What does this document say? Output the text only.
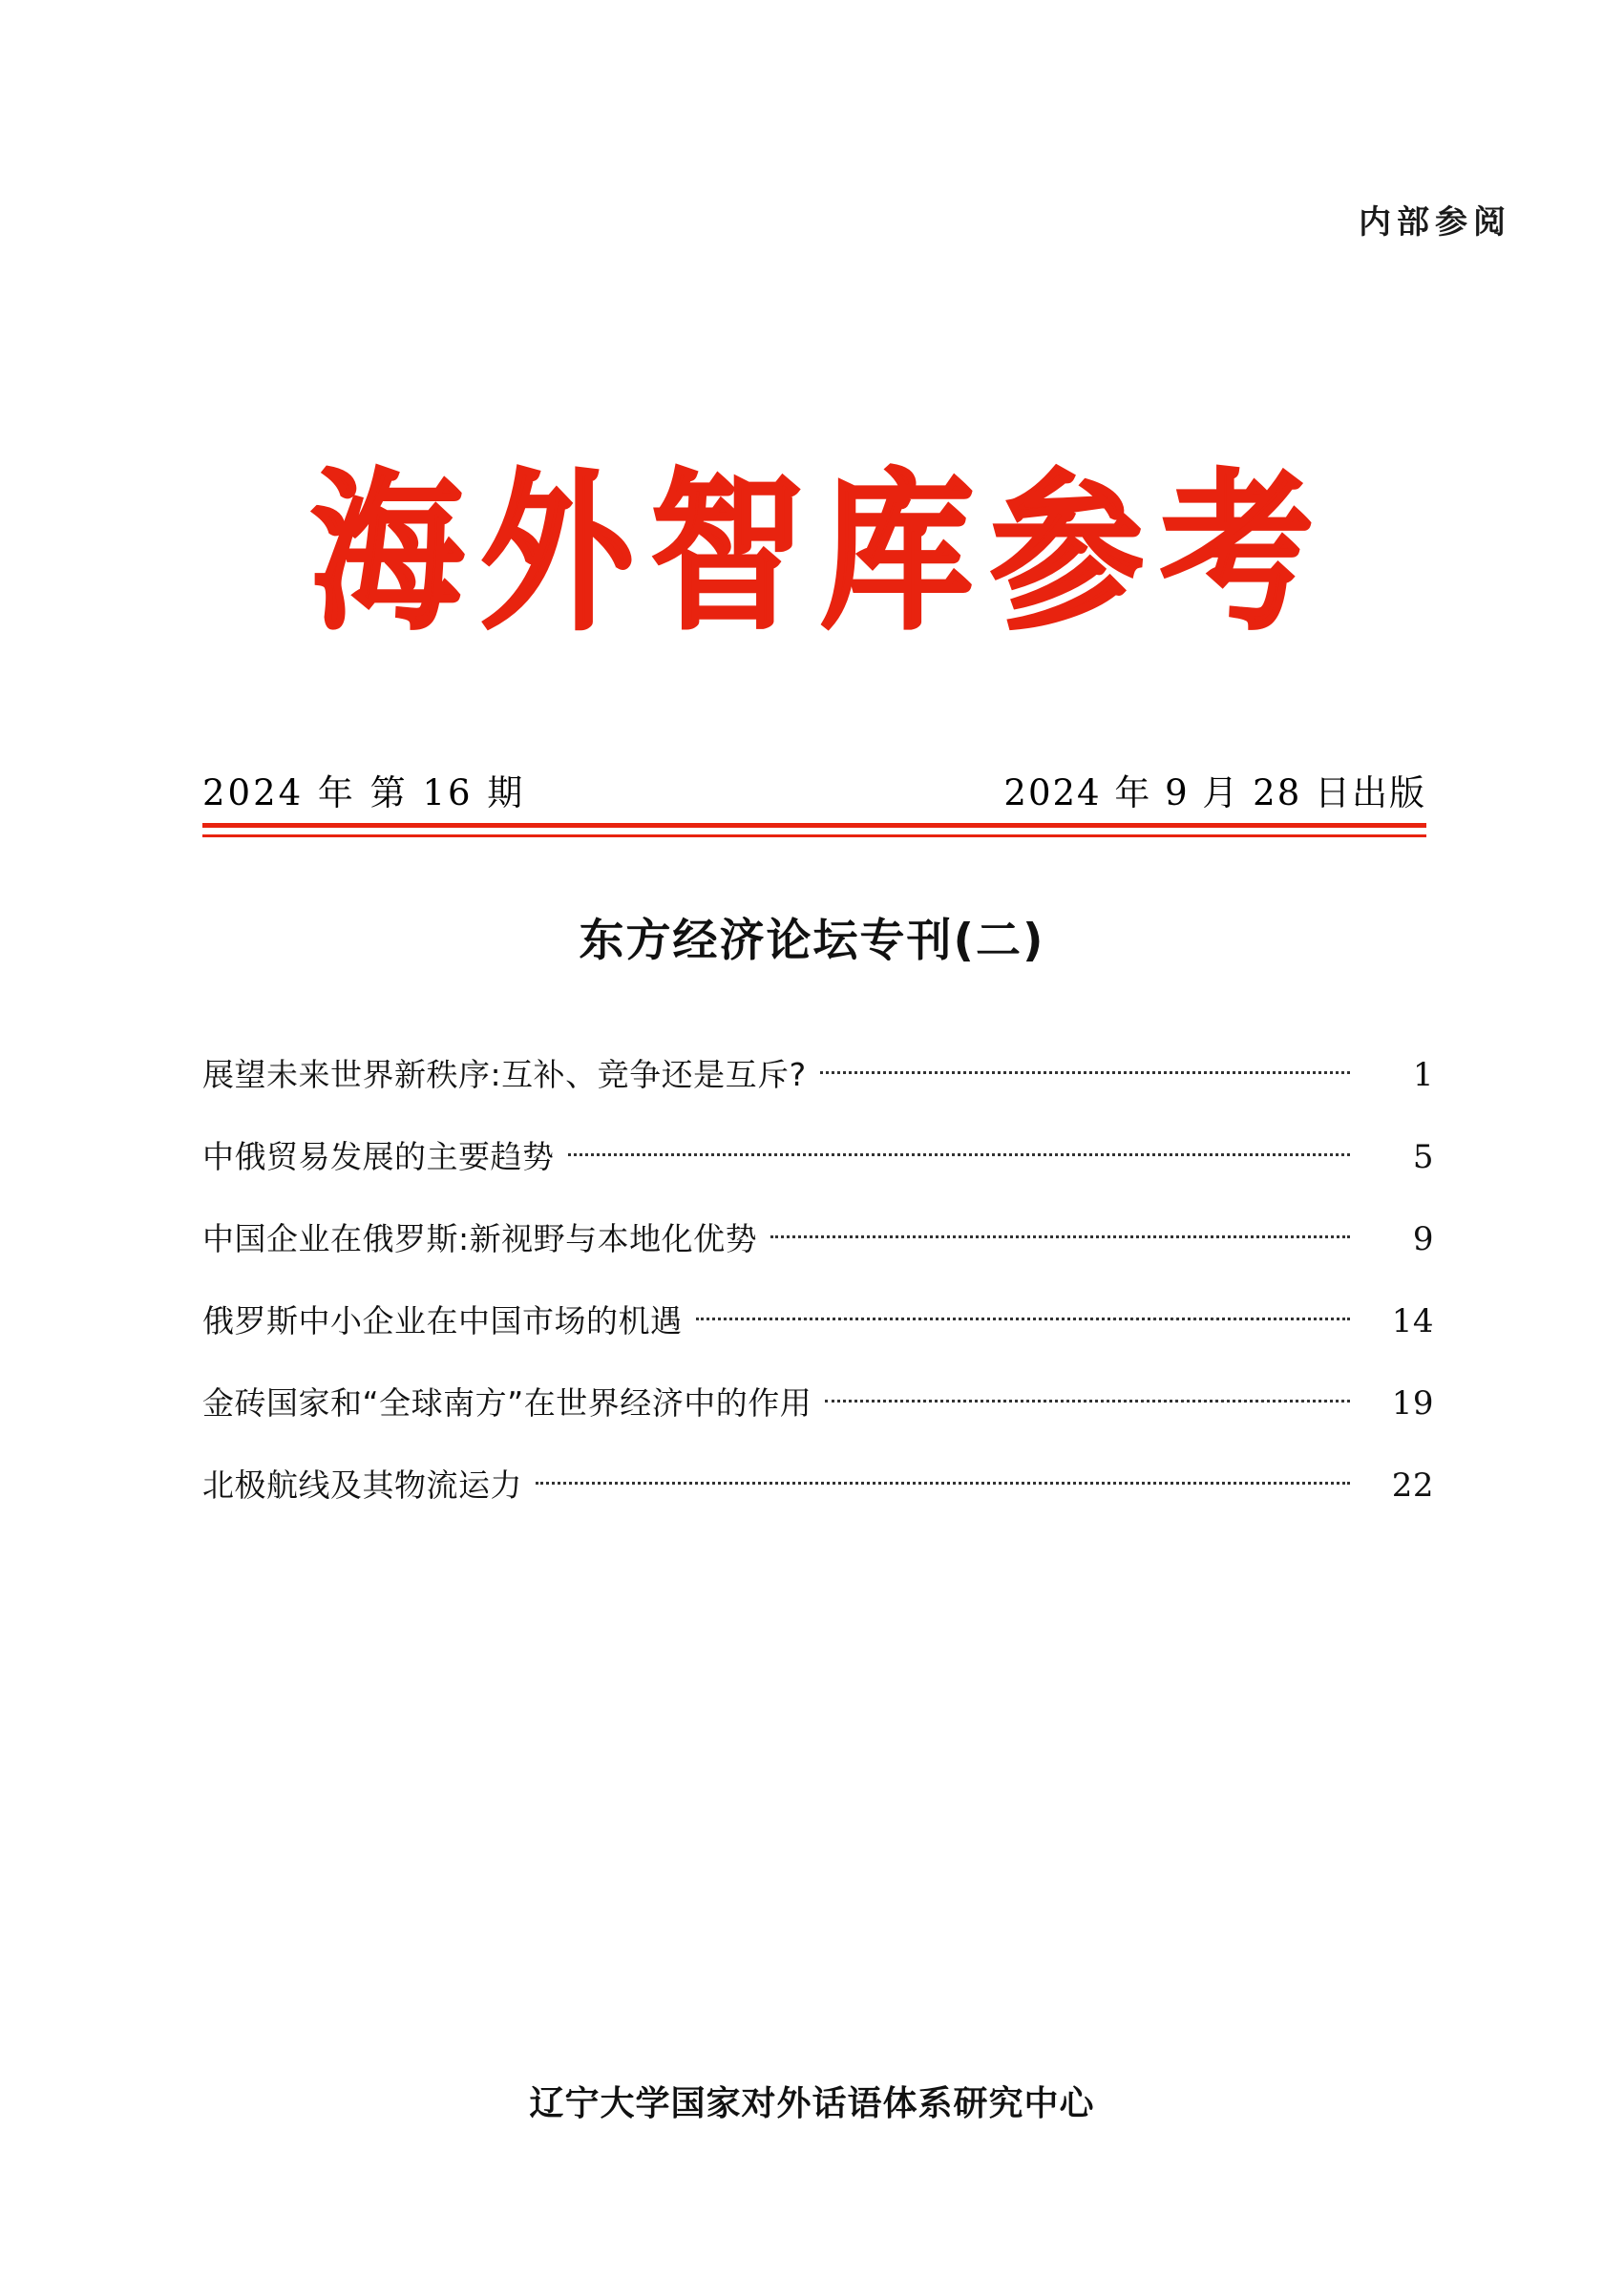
内部参阅
海外智库参考
2024 年 第 16 期	2024 年 9 月 28 日出版
东方经济论坛专刊(二)
展望未来世界新秩序:互补、竞争还是互斥?	1
中俄贸易发展的主要趋势	5
中国企业在俄罗斯:新视野与本地化优势	9
俄罗斯中小企业在中国市场的机遇	14
金砖国家和“全球南方”在世界经济中的作用	19
北极航线及其物流运力	22
辽宁大学国家对外话语体系研究中心
